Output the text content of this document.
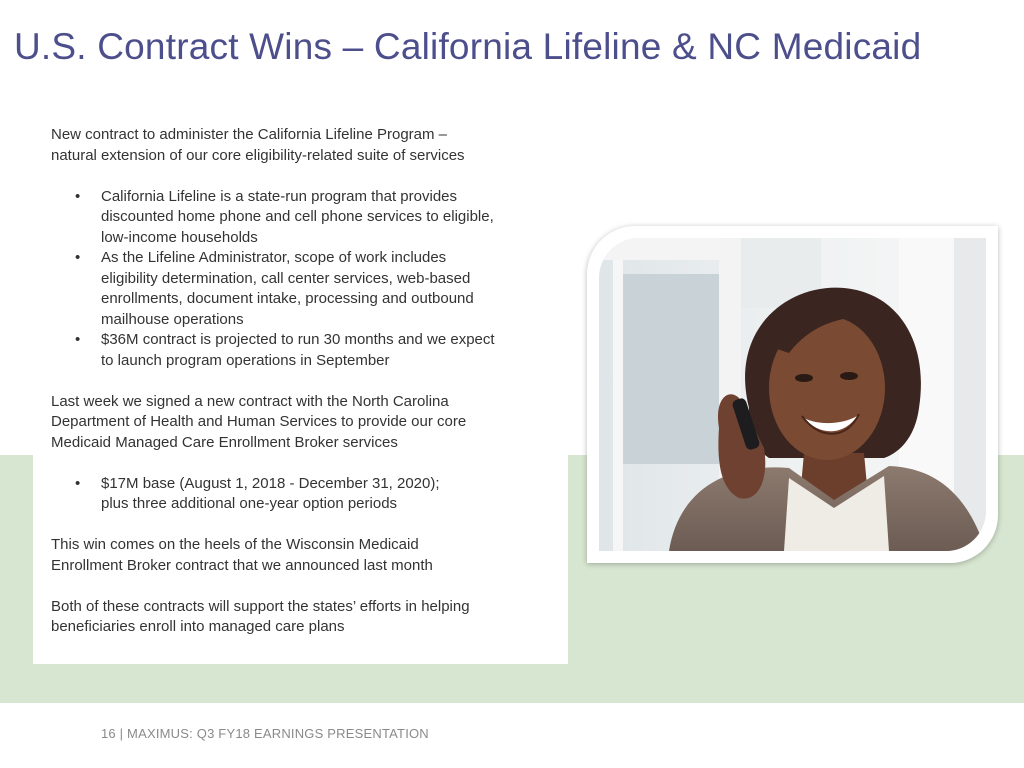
U.S. Contract Wins – California Lifeline & NC Medicaid

New contract to administer the California Lifeline Program –

natural extension of our core eligibility-related suite of services

• California Lifeline is a state-run program that provides
discounted home phone and cell phone services to eligible,
low-income households
• As the Lifeline Administrator, scope of work includes
eligibility determination, call center services, web-based
enrollments, document intake, processing and outbound
mailhouse operations
• $36M contract is projected to run 30 months and we expect
to launch program operations in September

Last week we signed a new contract with the North Carolina

Department of Health and Human Services to provide our core

Medicaid Managed Care Enrollment Broker services

• $17M base (August 1, 2018 - December 31, 2020);
plus three additional one-year option periods

This win comes on the heels of the Wisconsin Medicaid

Enrollment Broker contract that we announced last month

Both of these contracts will support the states’ efforts in helping

beneficiaries enroll into managed care plans

16 | MAXIMUS: Q3 FY18 EARNINGS PRESENTATION
